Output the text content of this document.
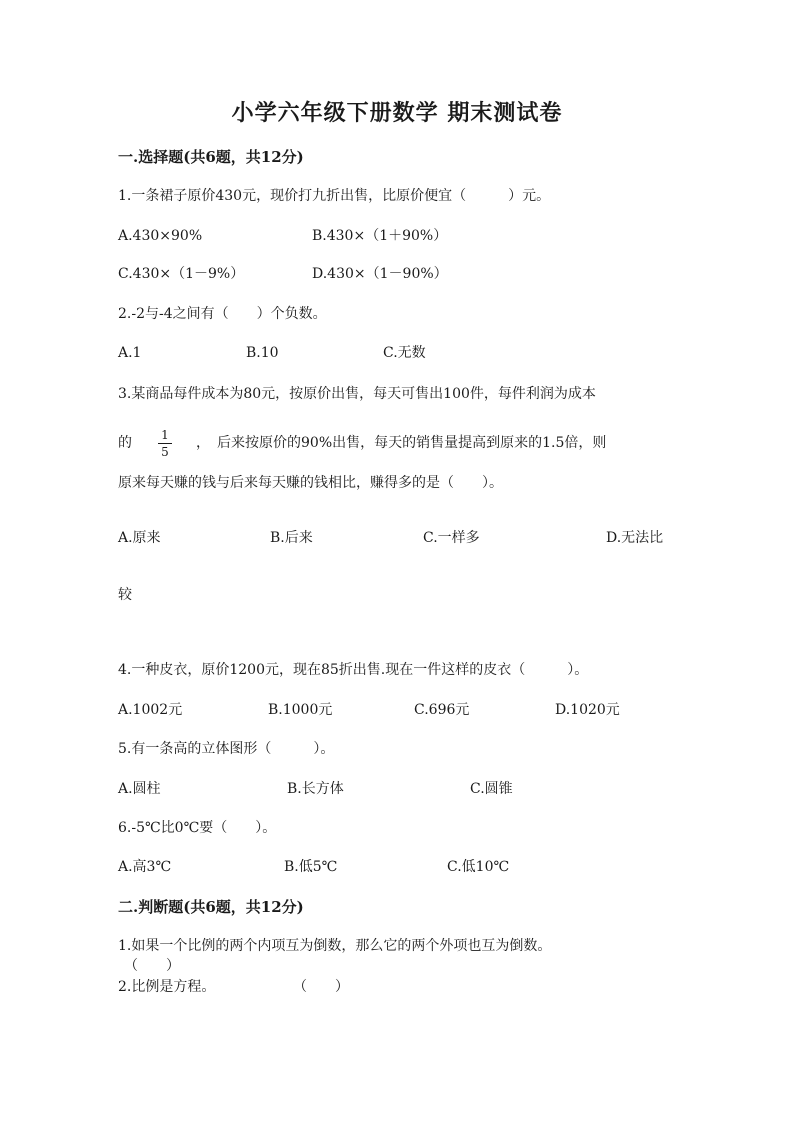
小学六年级下册数学 期末测试卷
一.选择题(共6题，共12分)
1.一条裙子原价430元，现价打九折出售，比原价便宜（　　　）元。
A.430×90%	B.430×（1＋90%）
C.430×（1－9%）	D.430×（1－90%）
2.-2与-4之间有（　　）个负数。
A.1	B.10	C.无数
3.某商品每件成本为80元，按原价出售，每天可售出100件，每件利润为成本
的 1
5
，　后来按原价的90%出售，每天的销售量提高到原来的1.5倍，则
原来每天赚的钱与后来每天赚的钱相比，赚得多的是（　　）。
A.原来	B.后来	C.一样多	D.无法比
较
4.一种皮衣，原价1200元，现在85折出售.现在一件这样的皮衣（　　　）。
A.1002元	B.1000元	C.696元	D.1020元
5.有一条高的立体图形（　　　）。
A.圆柱	B.长方体	C.圆锥
6.-5℃比0℃要（　　）。
A.高3℃	B.低5℃	C.低10℃
二.判断题(共6题，共12分)
1.如果一个比例的两个内项互为倒数，那么它的两个外项也互为倒数。
（　　）
2.比例是方程。	（　　）
